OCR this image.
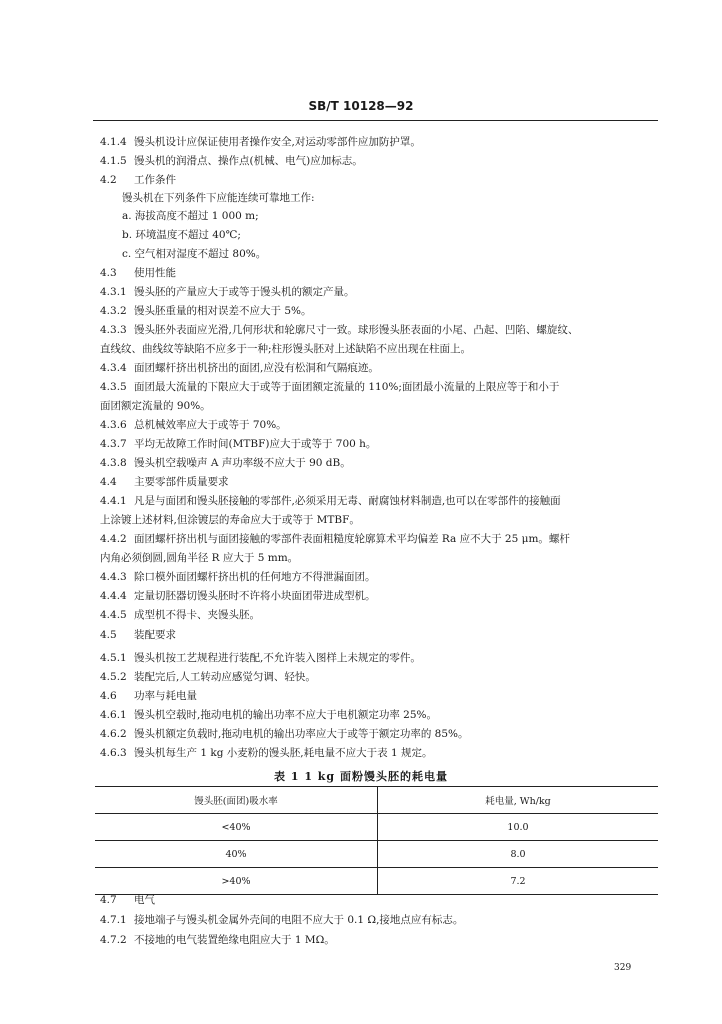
SB/T 10128—92
4.1.4 馒头机设计应保证使用者操作安全,对运动零部件应加防护罩。
4.1.5 馒头机的润滑点、操作点(机械、电气)应加标志。
4.2 工作条件
馒头机在下列条件下应能连续可靠地工作:
a. 海拔高度不超过 1 000 m;
b. 环境温度不超过 40℃;
c. 空气相对湿度不超过 80%。
4.3 使用性能
4.3.1 馒头胚的产量应大于或等于馒头机的额定产量。
4.3.2 馒头胚重量的相对误差不应大于 5%。
4.3.3 馒头胚外表面应光滑,几何形状和轮廓尺寸一致。球形馒头胚表面的小尾、凸起、凹陷、螺旋纹、
直线纹、曲线纹等缺陷不应多于一种;柱形馒头胚对上述缺陷不应出现在柱面上。
4.3.4 面团螺杆挤出机挤出的面团,应没有松洞和气隔痕迹。
4.3.5 面团最大流量的下限应大于或等于面团额定流量的 110%;面团最小流量的上限应等于和小于
面团额定流量的 90%。
4.3.6 总机械效率应大于或等于 70%。
4.3.7 平均无故障工作时间(MTBF)应大于或等于 700 h。
4.3.8 馒头机空载噪声 A 声功率级不应大于 90 dB。
4.4 主要零部件质量要求
4.4.1 凡是与面团和馒头胚接触的零部件,必须采用无毒、耐腐蚀材料制造,也可以在零部件的接触面
上涂镀上述材料,但涂镀层的寿命应大于或等于 MTBF。
4.4.2 面团螺杆挤出机与面团接触的零部件表面粗糙度轮廓算术平均偏差 Ra 应不大于 25 μm。螺杆
内角必须倒圆,圆角半径 R 应大于 5 mm。
4.4.3 除口模外面团螺杆挤出机的任何地方不得泄漏面团。
4.4.4 定量切胚器切馒头胚时不许将小块面团带进成型机。
4.4.5 成型机不得卡、夹馒头胚。
4.5 装配要求
4.5.1 馒头机按工艺规程进行装配,不允许装入图样上未规定的零件。
4.5.2 装配完后,人工转动应感觉匀调、轻快。
4.6 功率与耗电量
4.6.1 馒头机空载时,拖动电机的输出功率不应大于电机额定功率 25%。
4.6.2 馒头机额定负载时,拖动电机的输出功率应大于或等于额定功率的 85%。
4.6.3 馒头机每生产 1 kg 小麦粉的馒头胚,耗电量不应大于表 1 规定。
表 1 1 kg 面粉馒头胚的耗电量
馒头胚(面团)吸水率	耗电量, Wh/kg
<40%	10.0
40%	8.0
>40%	7.2
4.7 电气
4.7.1 接地端子与馒头机金属外壳间的电阻不应大于 0.1 Ω,接地点应有标志。
4.7.2 不接地的电气装置绝缘电阻应大于 1 MΩ。
329
